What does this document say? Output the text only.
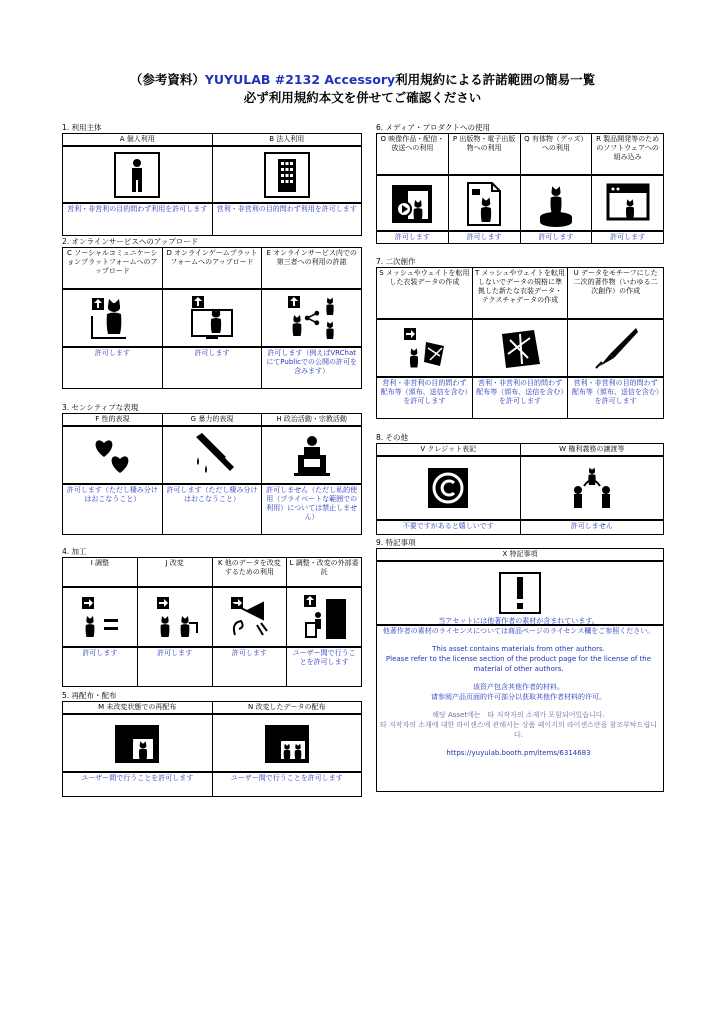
（参考資料）YUYULAB #2132 Accessory利用規約による許諾範囲の簡易一覧
必ず利用規約本文を併せてご確認ください
1. 利用主体
A 個人利用
営利・非営利の目的問わず利用を許可します
B 法人利用
営利・非営利の目的問わず利用を許可します
2. オンラインサービスへのアップロード
C ソーシャルコミュニケーションプラットフォームへのアップロード
許可します
D オンラインゲームプラットフォームへのアップロード
許可します
E オンラインサービス内での第三者への利用の許諾
許可します（例えばVRChatにてPublicでの公開の許可を含みます）
3. センシティブな表現
F 性的表現
許可します（ただし棲み分けはおこなうこと）
G 暴力的表現
許可します（ただし棲み分けはおこなうこと）
H 政治活動・宗教活動
許可しません（ただし私的使用（プライベートな範囲での利用）については禁止しません）
4. 加工
I 調整
許可します
J 改変
許可します
K 他のデータを改変するための利用
許可します
L 調整・改変の外部委託
ユーザー間で行うことを許可します
5. 再配布・配布
M 未改変状態での再配布
ユーザー間で行うことを許可します
N 改変したデータの配布
ユーザー間で行うことを許可します
6. メディア・プロダクトへの使用
O 映像作品・配信・放送への利用
許可します
P 出版物・電子出版物への利用
許可します
Q 有体物（グッズ）への利用
許可します
R 製品開発等のためのソフトウェアへの組み込み
許可します
7. 二次創作
S メッシュやウェイトを転用した衣装データの作成
営利・非営利の目的問わず配布等（頒布、送信を含む）を許可します
T メッシュやウェイトを転用しないでデータの規格に準拠した新たな衣装データ・テクスチャデータの作成
営利・非営利の目的問わず配布等（頒布、送信を含む）を許可します
U データをモチーフにした二次的著作物（いわゆる二次創作）の作成
営利・非営利の目的問わず配布等（頒布、送信を含む）を許可します
8. その他
V クレジット表記
不要ですがあると嬉しいです
W 権利義務の譲渡等
許可しません
9. 特記事項
X 特記事項

当アセットには他著作者の素材が含まれています。

他著作者の素材のライセンスについては商品ページのライセンス欄をご参照ください。

This asset contains materials from other authors.

Please refer to the license section of the product page for the license of the material of other authors.

该资产包含其他作者的材料。

请参阅产品页面的许可部分以获取其他作者材料的许可。

해당 Asset에는　타 저작자의 소재가 포함되어있습니다.

타 저작자의 소재에 대한 라이센스에 관해서는 상품 페이지의 라이센스란을 참조부탁드립니다.

https://yuyulab.booth.pm/items/6314683
